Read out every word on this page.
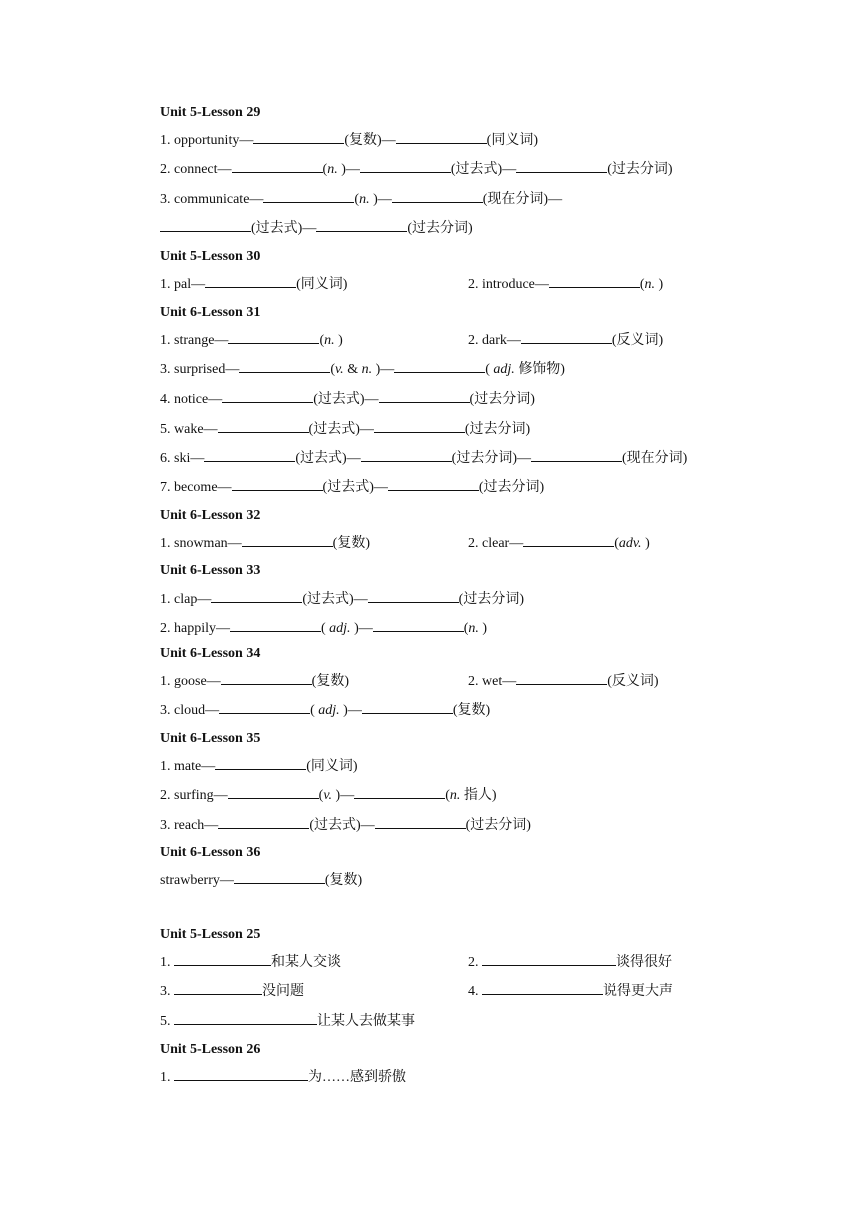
Unit 5-Lesson 29
1. opportunity—	(复数)—	(同义词)
2. connect—	(n. )—	(过去式)—	(过去分词)
3. communicate—	(n. )—	(现在分词)—
(过去式)—	(过去分词)
Unit 5-Lesson 30
1. pal—	(同义词)	2. introduce—	(n. )
Unit 6-Lesson 31
1. strange—	(n. )	2. dark—	(反义词)
3. surprised—	(v. & n. )—	( adj. 修饰物)
4. notice—	(过去式)—	(过去分词)
5. wake—	(过去式)—	(过去分词)
6. ski—	(过去式)—	(过去分词)—	(现在分词)
7. become—	(过去式)—	(过去分词)
Unit 6-Lesson 32
1. snowman—	(复数)	2. clear—	(adv. )
Unit 6-Lesson 33
1. clap—	(过去式)—	(过去分词)
2. happily—	( adj. )—	(n. )
Unit 6-Lesson 34
1. goose—	(复数)	2. wet—	(反义词)
3. cloud—	( adj. )—	(复数)
Unit 6-Lesson 35
1. mate—	(同义词)
2. surfing—	(v. )—	(n. 指人)
3. reach—	(过去式)—	(过去分词)
Unit 6-Lesson 36
strawberry—	(复数)
Unit 5-Lesson 25
1.	和某人交谈	2.	谈得很好
3.	没问题	4.	说得更大声
5.	让某人去做某事
Unit 5-Lesson 26
1.	为……感到骄傲
